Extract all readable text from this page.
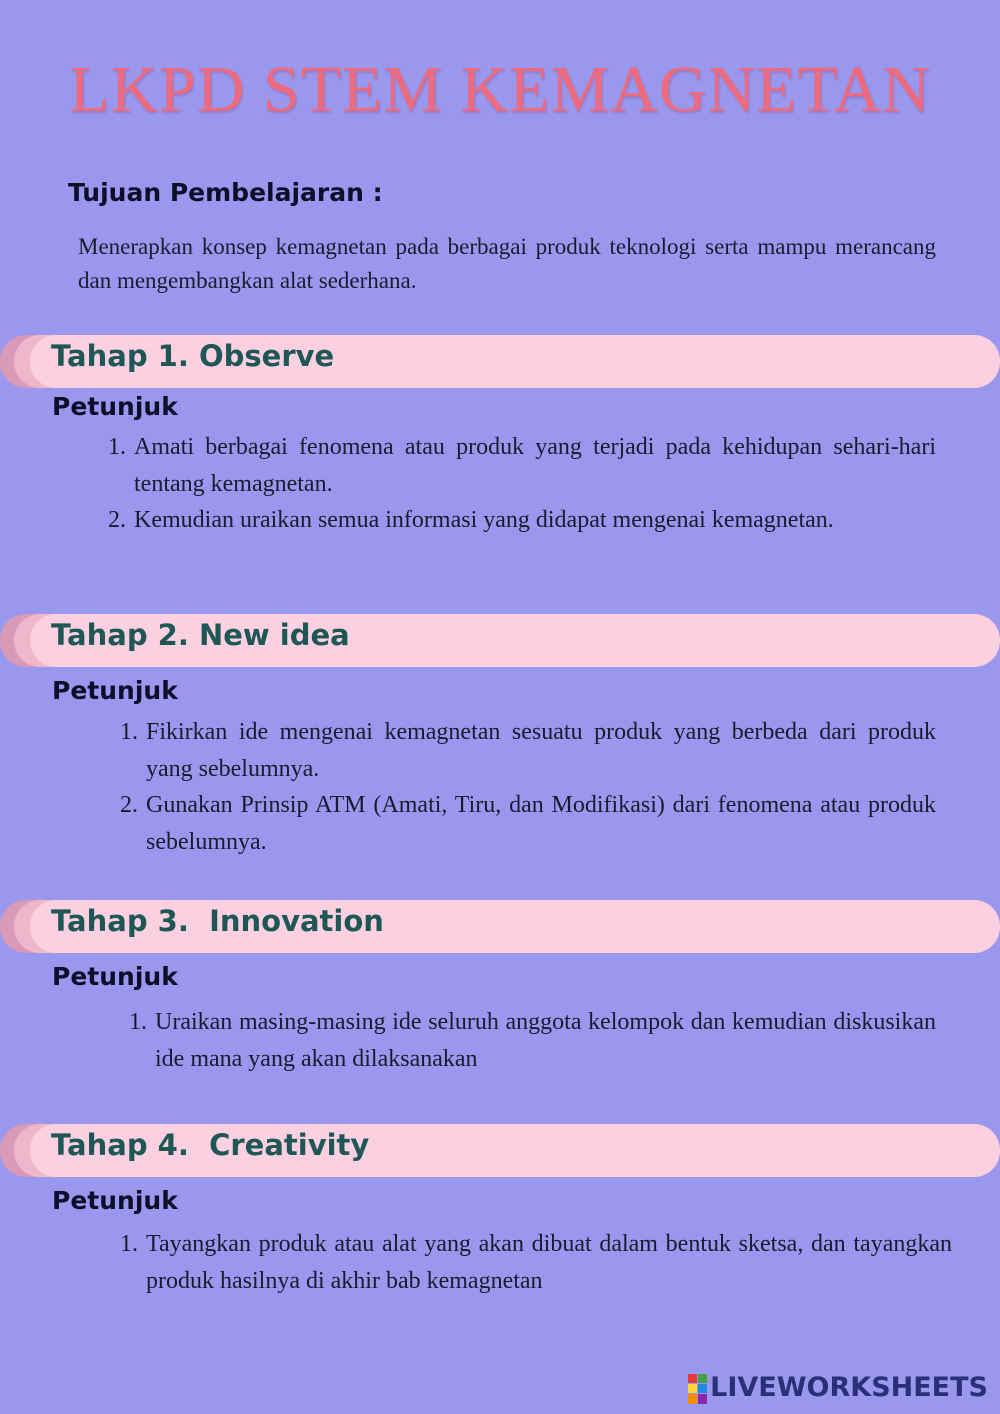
LKPD STEM KEMAGNETAN
Tujuan Pembelajaran :
Menerapkan konsep kemagnetan pada berbagai produk teknologi serta mampu merancang dan mengembangkan alat sederhana.
Tahap 1. Observe
Petunjuk
1. Amati berbagai fenomena atau produk yang terjadi pada kehidupan sehari-hari tentang kemagnetan.
2. Kemudian uraikan semua informasi yang didapat mengenai kemagnetan.
Tahap 2. New idea
Petunjuk
1. Fikirkan ide mengenai kemagnetan sesuatu produk yang berbeda dari produk yang sebelumnya.
2. Gunakan Prinsip ATM (Amati, Tiru, dan Modifikasi) dari fenomena atau produk sebelumnya.
Tahap 3.  Innovation
Petunjuk
1. Uraikan masing-masing ide seluruh anggota kelompok dan kemudian diskusikan ide mana yang akan dilaksanakan
Tahap 4.  Creativity
Petunjuk
1. Tayangkan produk atau alat yang akan dibuat dalam bentuk sketsa, dan tayangkan produk hasilnya di akhir bab kemagnetan
LIVEWORKSHEETS
